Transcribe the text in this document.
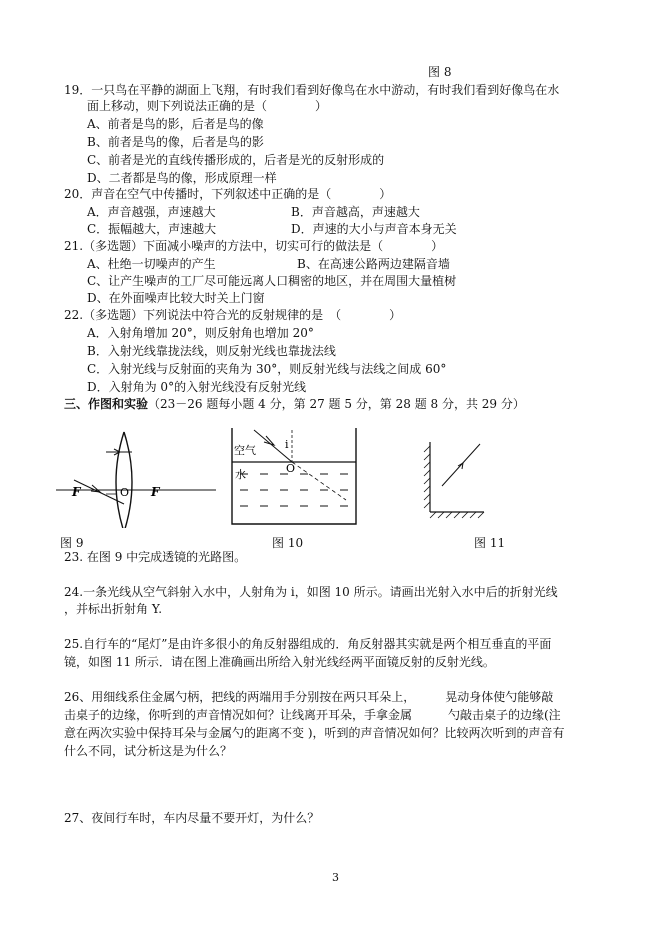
图 8
19．一只鸟在平静的湖面上飞翔，有时我们看到好像鸟在水中游动，有时我们看到好像鸟在水
面上移动，则下列说法正确的是（　　　　）
A、前者是鸟的影，后者是鸟的像
B、前者是鸟的像，后者是鸟的影
C、前者是光的直线传播形成的，后者是光的反射形成的
D、二者都是鸟的像，形成原理一样
20．声音在空气中传播时，下列叙述中正确的是（　　　　）
A．声音越强，声速越大	B．声音越高，声速越大
C．振幅越大，声速越大	D．声速的大小与声音本身无关
21.（多选题）下面减小噪声的方法中，切实可行的做法是（　　　　）
A、杜绝一切噪声的产生	B、在高速公路两边建隔音墙
C、让产生噪声的工厂尽可能远离人口稠密的地区，并在周围大量植树
D、在外面噪声比较大时关上门窗
22.（多选题）下列说法中符合光的反射规律的是　（　　　　）
A．入射角增加 20°，则反射角也增加 20°
B．入射光线靠拢法线，则反射光线也靠拢法线
C．入射光线与反射面的夹角为 30°，则反射光线与法线之间成 60°
D．入射角为 0°的入射光线没有反射光线
三、作图和实验（23－26 题每小题 4 分，第 27 题 5 分，第 28 题 8 分，共 29 分）
F	O F
空气
水
i
O
图 9	图 10	图 11
23. 在图 9 中完成透镜的光路图。
24.一条光线从空气斜射入水中，人射角为 i，如图 10 所示。请画出光射入水中后的折射光线
，并标出折射角 Y.
25.自行车的“尾灯”是由许多很小的角反射器组成的．角反射器其实就是两个相互垂直的平面
镜，如图 11 所示．请在图上准确画出所给入射光线经两平面镜反射的反射光线。
26、用细线系住金属勺柄，把线的两端用手分别按在两只耳朵上，　　　晃动身体使勺能够敲
击桌子的边缘，你听到的声音情况如何？让线离开耳朵，手拿金属　　　勺敲击桌子的边缘(注
意在两次实验中保持耳朵与金属勺的距离不变 )，听到的声音情况如何？比较两次听到的声音有
什么不同，试分析这是为什么？
27、夜间行车时，车内尽量不要开灯，为什么？
3
